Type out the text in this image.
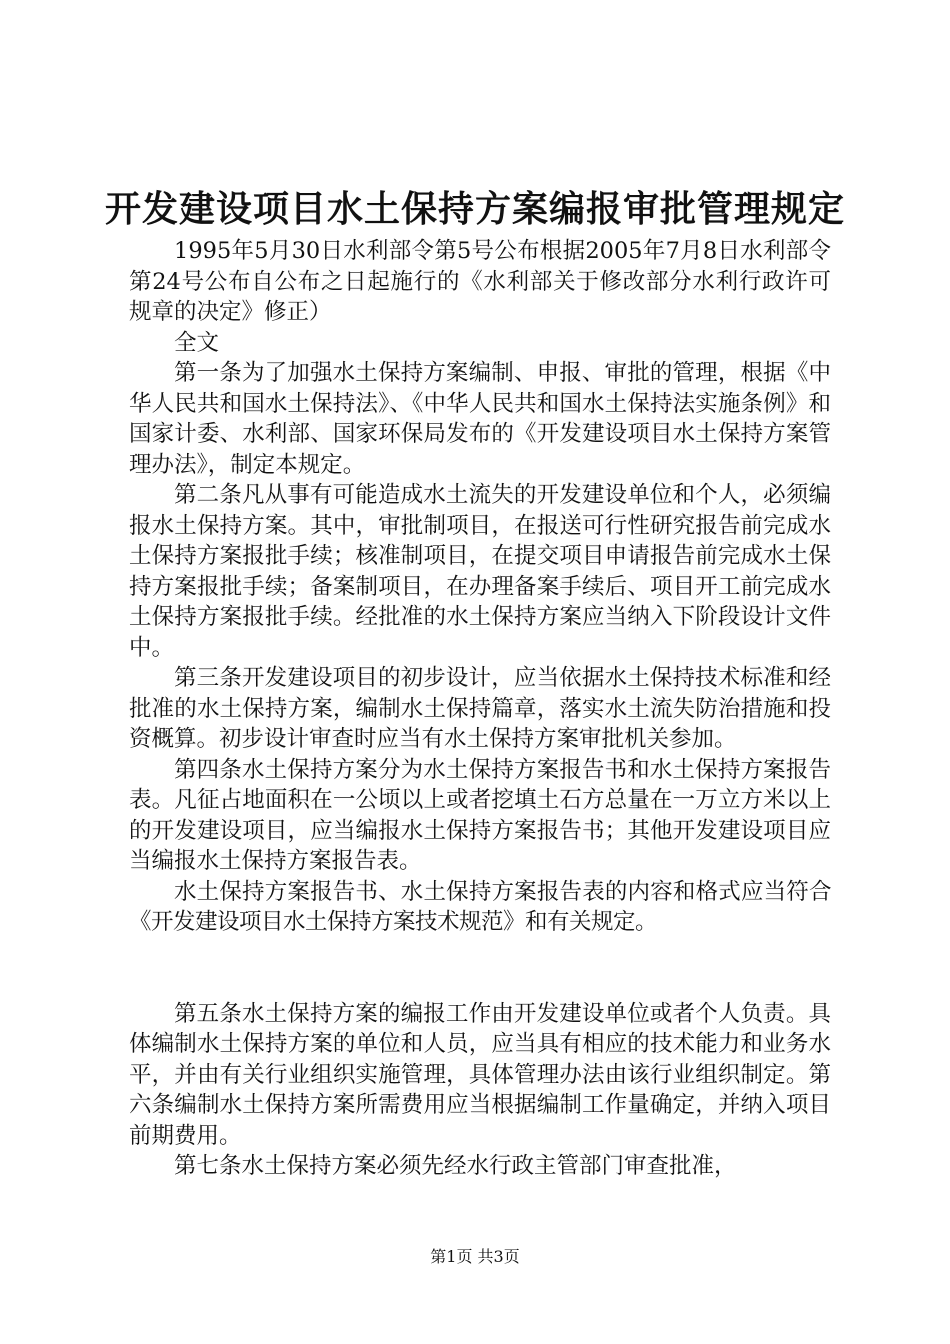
开发建设项目水土保持方案编报审批管理规定

1995年5月30日水利部令第5号公布根据2005年7月8日水利部令第24号公布自公布之日起施行的《水利部关于修改部分水利行政许可规章的决定》修正）

全文

第一条为了加强水土保持方案编制、申报、审批的管理，根据《中华人民共和国水土保持法》、《中华人民共和国水土保持法实施条例》和国家计委、水利部、国家环保局发布的《开发建设项目水土保持方案管理办法》，制定本规定。

第二条凡从事有可能造成水土流失的开发建设单位和个人，必须编报水土保持方案。其中，审批制项目，在报送可行性研究报告前完成水土保持方案报批手续；核准制项目，在提交项目申请报告前完成水土保持方案报批手续；备案制项目，在办理备案手续后、项目开工前完成水土保持方案报批手续。经批准的水土保持方案应当纳入下阶段设计文件中。

第三条开发建设项目的初步设计，应当依据水土保持技术标准和经批准的水土保持方案，编制水土保持篇章，落实水土流失防治措施和投资概算。初步设计审查时应当有水土保持方案审批机关参加。

第四条水土保持方案分为水土保持方案报告书和水土保持方案报告表。凡征占地面积在一公顷以上或者挖填土石方总量在一万立方米以上的开发建设项目，应当编报水土保持方案报告书；其他开发建设项目应当编报水土保持方案报告表。

水土保持方案报告书、水土保持方案报告表的内容和格式应当符合《开发建设项目水土保持方案技术规范》和有关规定。

第五条水土保持方案的编报工作由开发建设单位或者个人负责。具体编制水土保持方案的单位和人员，应当具有相应的技术能力和业务水平，并由有关行业组织实施管理，具体管理办法由该行业组织制定。第六条编制水土保持方案所需费用应当根据编制工作量确定，并纳入项目前期费用。

第七条水土保持方案必须先经水行政主管部门审查批准，

第1页 共3页
